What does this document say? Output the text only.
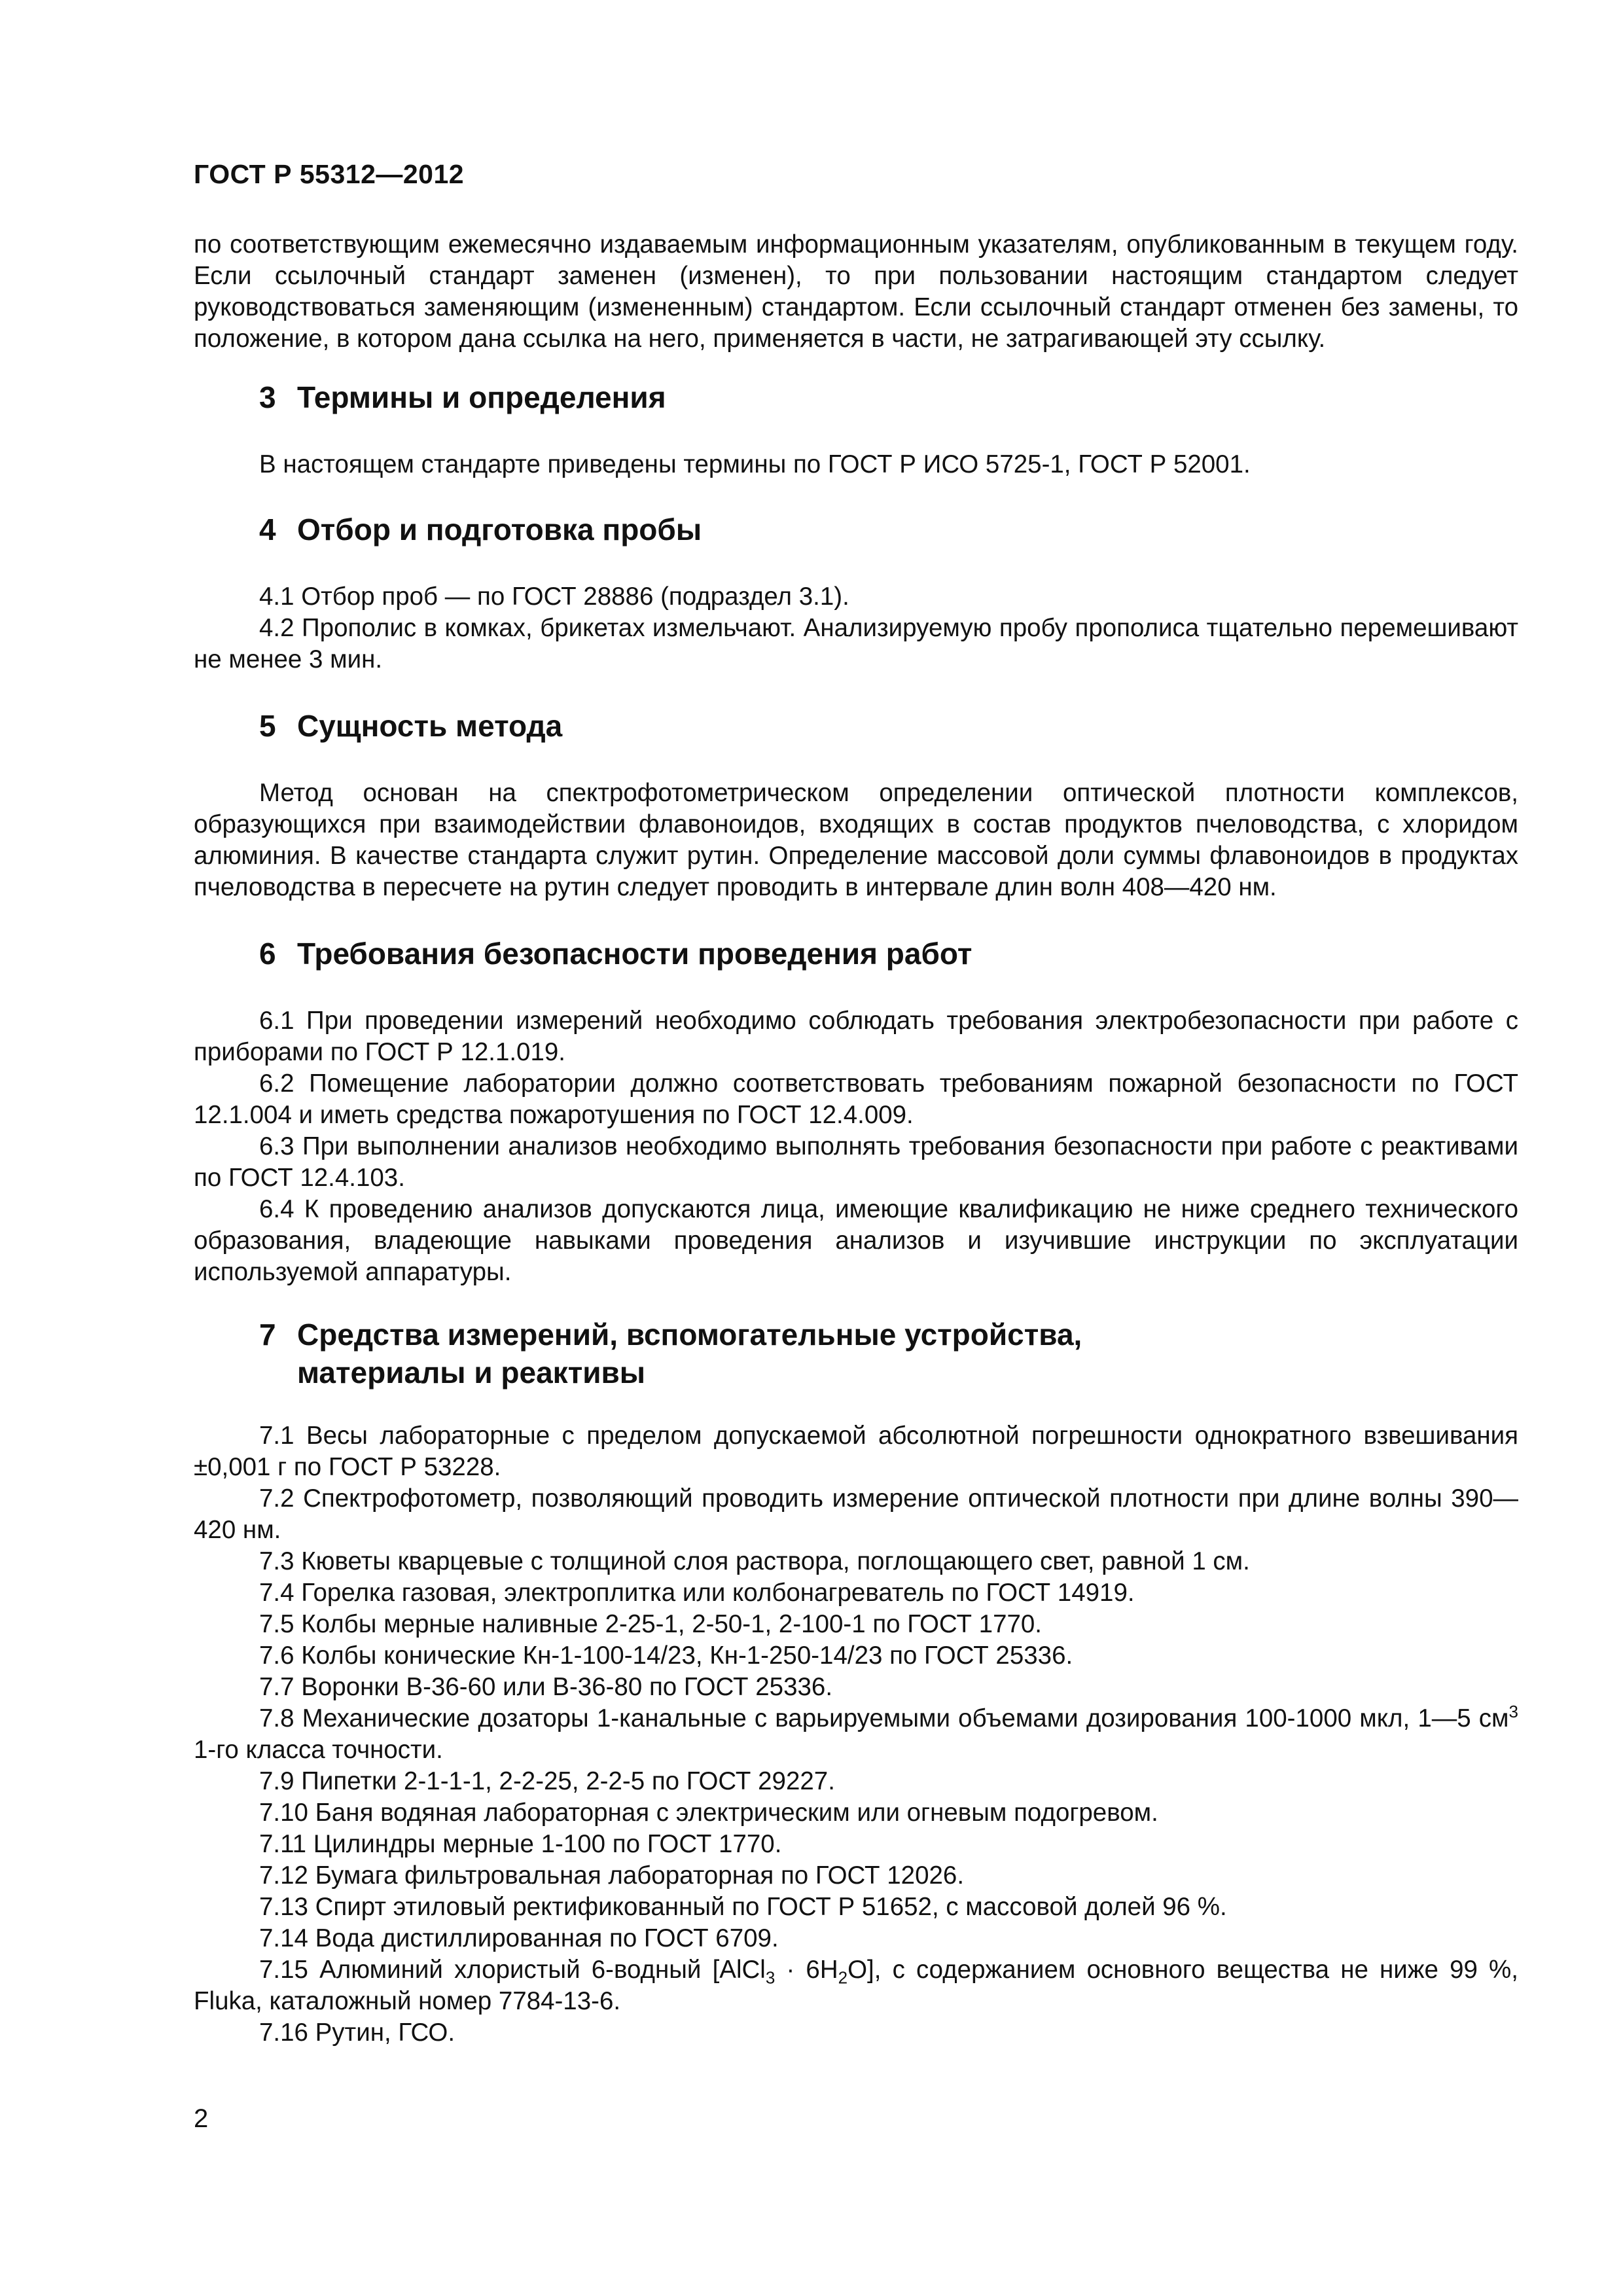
ГОСТ Р 55312—2012

по соответствующим ежемесячно издаваемым информационным указателям, опубликованным в текущем году. Если ссылочный стандарт заменен (изменен), то при пользовании настоящим стандартом следует руководствоваться заменяющим (измененным) стандартом. Если ссылочный стандарт отменен без замены, то положение, в котором дана ссылка на него, применяется в части, не затрагивающей эту ссылку.

3 Термины и определения

В настоящем стандарте приведены термины по ГОСТ Р ИСО 5725-1, ГОСТ Р 52001.

4 Отбор и подготовка пробы

4.1 Отбор проб — по ГОСТ 28886 (подраздел 3.1).

4.2 Прополис в комках, брикетах измельчают. Анализируемую пробу прополиса тщательно перемешивают не менее 3 мин.

5 Сущность метода

Метод основан на спектрофотометрическом определении оптической плотности комплексов, образующихся при взаимодействии флавоноидов, входящих в состав продуктов пчеловодства, с хлоридом алюминия. В качестве стандарта служит рутин. Определение массовой доли суммы флавоноидов в продуктах пчеловодства в пересчете на рутин следует проводить в интервале длин волн 408—420 нм.

6 Требования безопасности проведения работ

6.1 При проведении измерений необходимо соблюдать требования электробезопасности при работе с приборами по ГОСТ Р 12.1.019.

6.2 Помещение лаборатории должно соответствовать требованиям пожарной безопасности по ГОСТ 12.1.004 и иметь средства пожаротушения по ГОСТ 12.4.009.

6.3 При выполнении анализов необходимо выполнять требования безопасности при работе с реактивами по ГОСТ 12.4.103.

6.4 К проведению анализов допускаются лица, имеющие квалификацию не ниже среднего технического образования, владеющие навыками проведения анализов и изучившие инструкции по эксплуатации используемой аппаратуры.

7 Средства измерений, вспомогательные устройства,
материалы и реактивы

7.1 Весы лабораторные с пределом допускаемой абсолютной погрешности однократного взвешивания ±0,001 г по ГОСТ Р 53228.

7.2 Спектрофотометр, позволяющий проводить измерение оптической плотности при длине волны 390—420 нм.

7.3 Кюветы кварцевые с толщиной слоя раствора, поглощающего свет, равной 1 см.

7.4 Горелка газовая, электроплитка или колбонагреватель по ГОСТ 14919.

7.5 Колбы мерные наливные 2-25-1, 2-50-1, 2-100-1 по ГОСТ 1770.

7.6 Колбы конические Кн-1-100-14/23, Кн-1-250-14/23 по ГОСТ 25336.

7.7 Воронки В-36-60 или В-36-80 по ГОСТ 25336.

7.8 Механические дозаторы 1-канальные с варьируемыми объемами дозирования 100-1000 мкл, 1—5 $см^3$ 1-го класса точности.

7.9 Пипетки 2-1-1-1, 2-2-25, 2-2-5 по ГОСТ 29227.

7.10 Баня водяная лабораторная с электрическим или огневым подогревом.

7.11 Цилиндры мерные 1-100 по ГОСТ 1770.

7.12 Бумага фильтровальная лабораторная по ГОСТ 12026.

7.13 Спирт этиловый ректификованный по ГОСТ Р 51652, с массовой долей 96 %.

7.14 Вода дистиллированная по ГОСТ 6709.

7.15 Алюминий хлористый 6-водный [AlCl$_3$ · $6H_2O$], с содержанием основного вещества не ниже 99 %, Fluka, каталожный номер 7784-13-6.

7.16 Рутин, ГСО.

2
